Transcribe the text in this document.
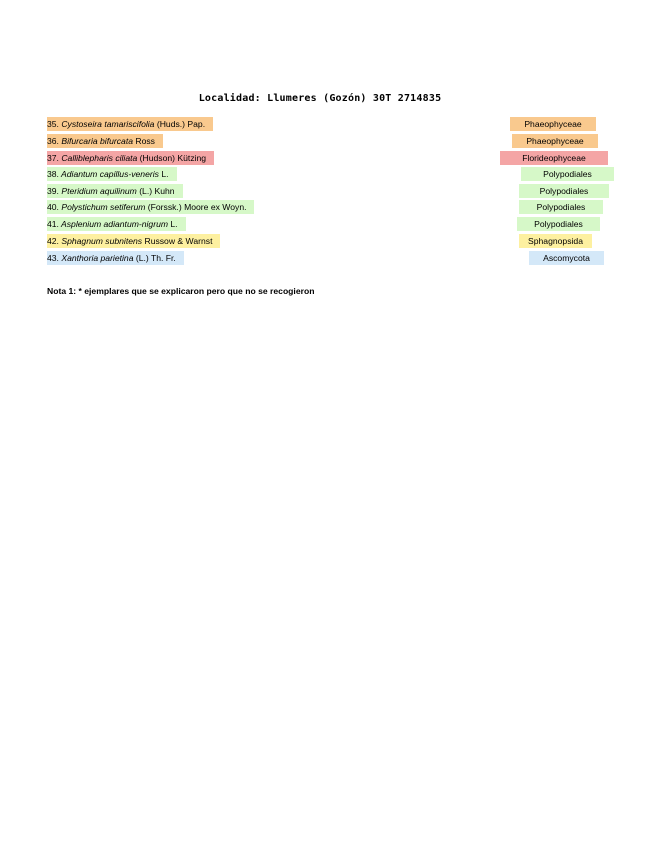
Localidad: Llumeres (Gozón) 30T 2714835
35. Cystoseira tamariscifolia (Huds.) Pap.	Phaeophyceae
36. Bifurcaria bifurcata Ross	Phaeophyceae
37. Calliblepharis ciliata (Hudson) Kützing	Florideophyceae
38. Adiantum capillus-veneris L.	Polypodiales
39. Pteridium aquilinum (L.) Kuhn	Polypodiales
40. Polystichum setiferum (Forssk.) Moore ex Woyn.	Polypodiales
41. Asplenium adiantum-nigrum L.	Polypodiales
42. Sphagnum subnitens Russow & Warnst	Sphagnopsida
43. Xanthoria parietina (L.) Th. Fr.	Ascomycota
Nota 1: * ejemplares que se explicaron pero que no se recogieron
